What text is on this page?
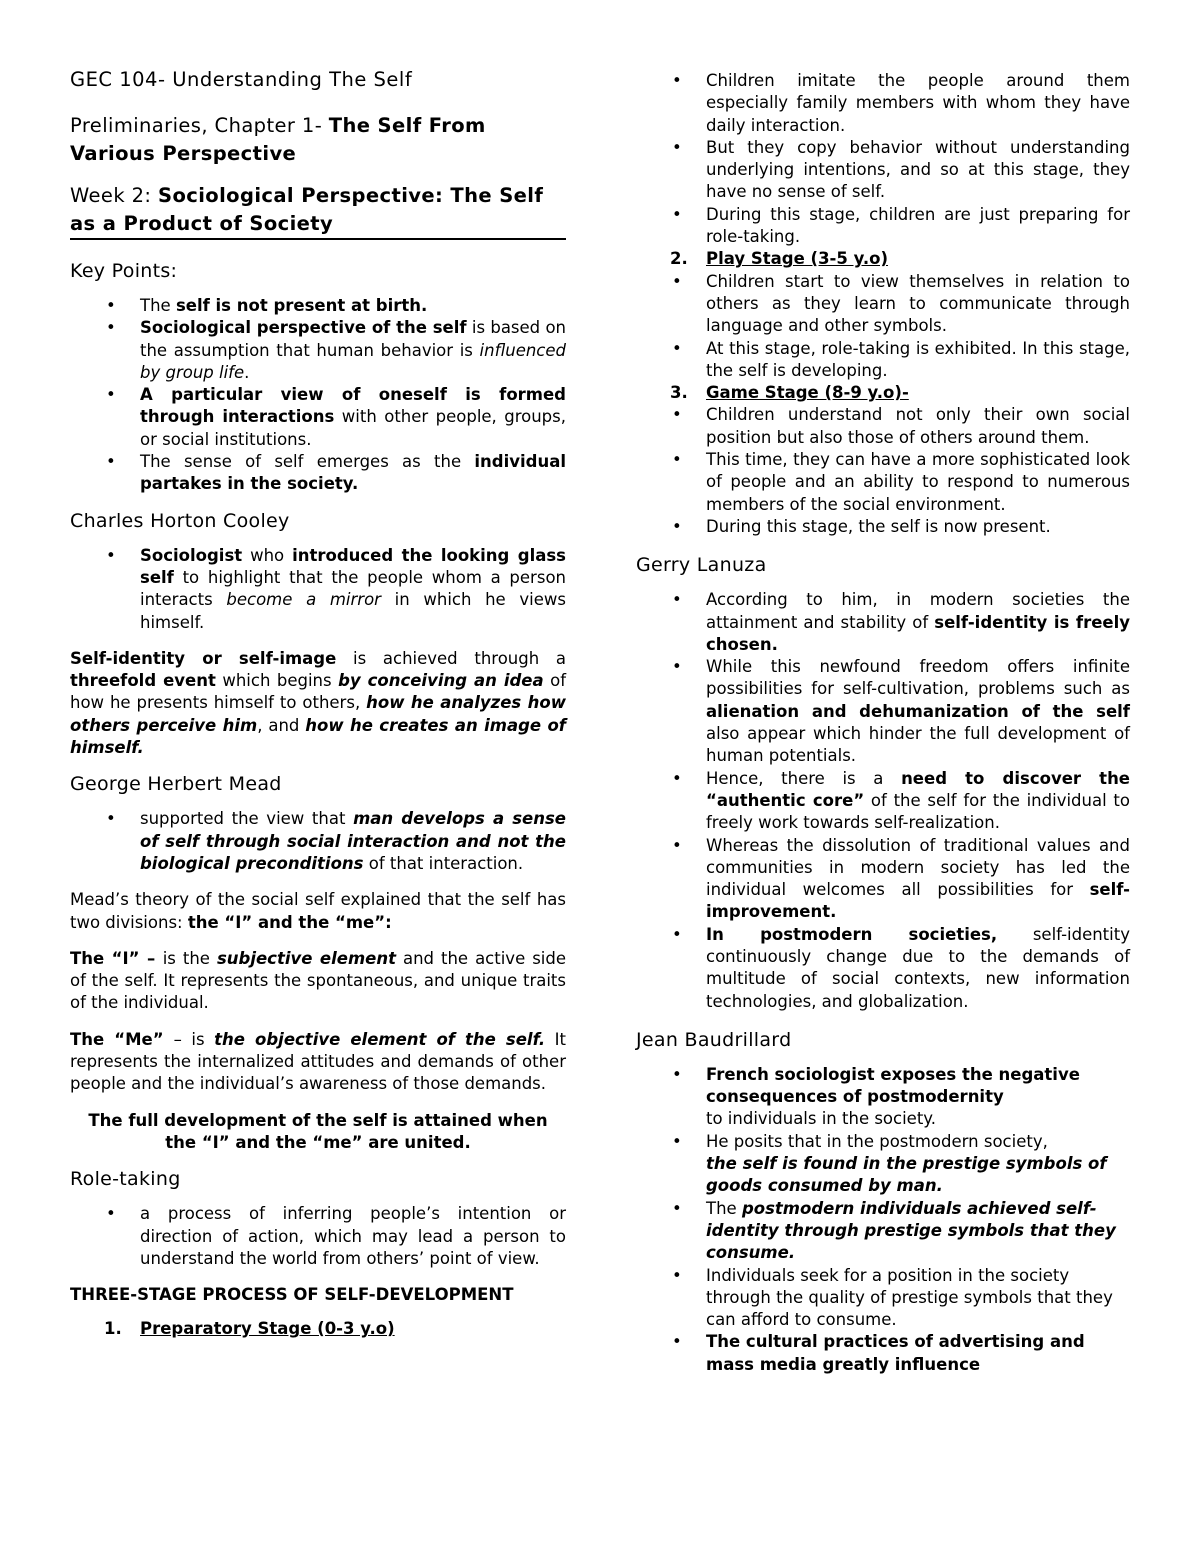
GEC 104- Understanding The Self

Preliminaries, Chapter 1- The Self From Various Perspective

Week 2: Sociological Perspective: The Self as a Product of Society

Key Points:

• The self is not present at birth.
• Sociological perspective of the self is based on the assumption that human behavior is influenced by group life.
• A particular view of oneself is formed through interactions with other people, groups, or social institutions.
• The sense of self emerges as the individual partakes in the society.

Charles Horton Cooley

• Sociologist who introduced the looking glass self to highlight that the people whom a person interacts become a mirror in which he views himself.

Self-identity or self-image is achieved through a threefold event which begins by conceiving an idea of how he presents himself to others, how he analyzes how others perceive him, and how he creates an image of himself.

George Herbert Mead

• supported the view that man develops a sense of self through social interaction and not the biological preconditions of that interaction.

Mead’s theory of the social self explained that the self has two divisions: the “I” and the “me”:

The “I” – is the subjective element and the active side of the self. It represents the spontaneous, and unique traits of the individual.

The “Me” – is the objective element of the self. It represents the internalized attitudes and demands of other people and the individual’s awareness of those demands.

The full development of the self is attained when the “I” and the “me” are united.

Role-taking

• a process of inferring people’s intention or direction of action, which may lead a person to understand the world from others’ point of view.

THREE-STAGE PROCESS OF SELF-DEVELOPMENT

1. Preparatory Stage (0-3 y.o)

• Children imitate the people around them especially family members with whom they have daily interaction.
• But they copy behavior without understanding underlying intentions, and so at this stage, they have no sense of self.
• During this stage, children are just preparing for role-taking.

2. Play Stage (3-5 y.o)

• Children start to view themselves in relation to others as they learn to communicate through language and other symbols.
• At this stage, role-taking is exhibited. In this stage, the self is developing.

3. Game Stage (8-9 y.o)-

• Children understand not only their own social position but also those of others around them.
• This time, they can have a more sophisticated look of people and an ability to respond to numerous members of the social environment.
• During this stage, the self is now present.

Gerry Lanuza

• According to him, in modern societies the attainment and stability of self-identity is freely chosen.
• While this newfound freedom offers infinite possibilities for self-cultivation, problems such as alienation and dehumanization of the self also appear which hinder the full development of human potentials.
• Hence, there is a need to discover the “authentic core” of the self for the individual to freely work towards self-realization.
• Whereas the dissolution of traditional values and communities in modern society has led the individual welcomes all possibilities for self-improvement.
• In postmodern societies, self-identity continuously change due to the demands of multitude of social contexts, new information technologies, and globalization.

Jean Baudrillard

• French sociologist exposes the negative consequences of postmodernity
to individuals in the society.
• He posits that in the postmodern society,
the self is found in the prestige symbols of goods consumed by man.
• The postmodern individuals achieved self-identity through prestige symbols that they consume.
• Individuals seek for a position in the society through the quality of prestige symbols that they can afford to consume.
• The cultural practices of advertising and mass media greatly influence
